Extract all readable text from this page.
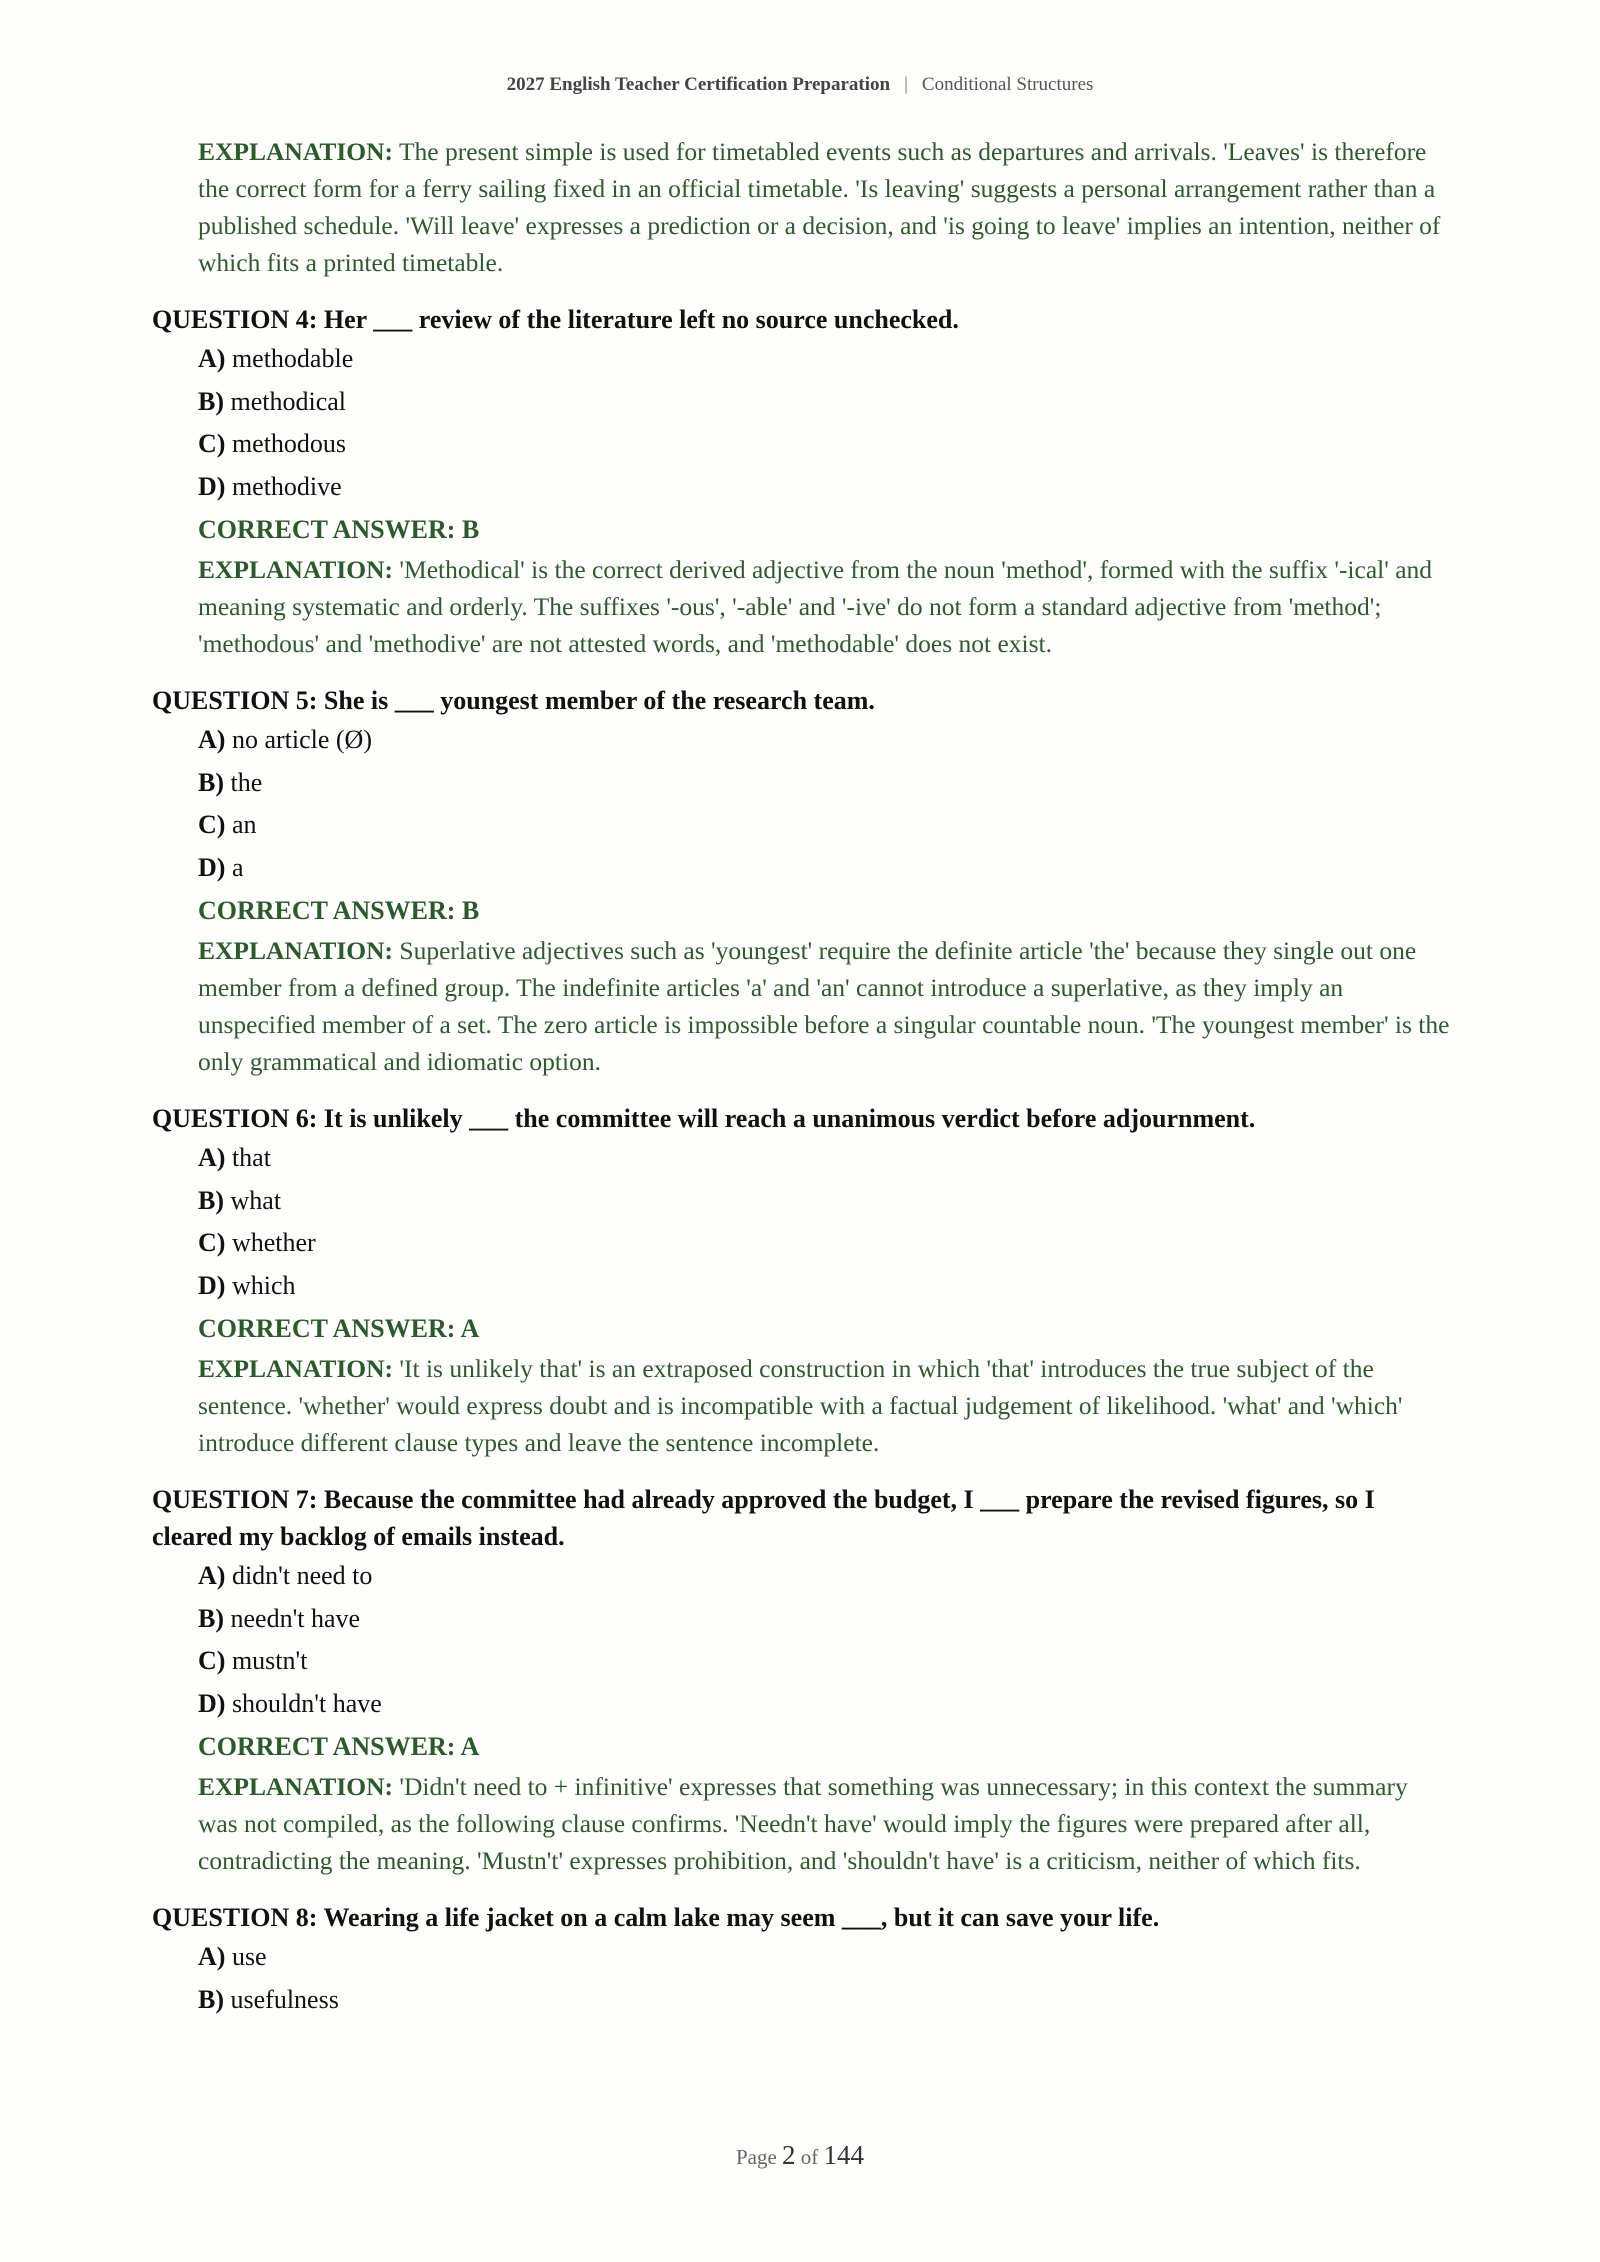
2027 English Teacher Certification Preparation | Conditional Structures
EXPLANATION: The present simple is used for timetabled events such as departures and arrivals. 'Leaves' is therefore the correct form for a ferry sailing fixed in an official timetable. 'Is leaving' suggests a personal arrangement rather than a published schedule. 'Will leave' expresses a prediction or a decision, and 'is going to leave' implies an intention, neither of which fits a printed timetable.
QUESTION 4: Her ___ review of the literature left no source unchecked.
A) methodable
B) methodical
C) methodous
D) methodive
CORRECT ANSWER: B
EXPLANATION: 'Methodical' is the correct derived adjective from the noun 'method', formed with the suffix '-ical' and meaning systematic and orderly. The suffixes '-ous', '-able' and '-ive' do not form a standard adjective from 'method'; 'methodous' and 'methodive' are not attested words, and 'methodable' does not exist.
QUESTION 5: She is ___ youngest member of the research team.
A) no article (Ø)
B) the
C) an
D) a
CORRECT ANSWER: B
EXPLANATION: Superlative adjectives such as 'youngest' require the definite article 'the' because they single out one member from a defined group. The indefinite articles 'a' and 'an' cannot introduce a superlative, as they imply an unspecified member of a set. The zero article is impossible before a singular countable noun. 'The youngest member' is the only grammatical and idiomatic option.
QUESTION 6: It is unlikely ___ the committee will reach a unanimous verdict before adjournment.
A) that
B) what
C) whether
D) which
CORRECT ANSWER: A
EXPLANATION: 'It is unlikely that' is an extraposed construction in which 'that' introduces the true subject of the sentence. 'whether' would express doubt and is incompatible with a factual judgement of likelihood. 'what' and 'which' introduce different clause types and leave the sentence incomplete.
QUESTION 7: Because the committee had already approved the budget, I ___ prepare the revised figures, so I cleared my backlog of emails instead.
A) didn't need to
B) needn't have
C) mustn't
D) shouldn't have
CORRECT ANSWER: A
EXPLANATION: 'Didn't need to + infinitive' expresses that something was unnecessary; in this context the summary was not compiled, as the following clause confirms. 'Needn't have' would imply the figures were prepared after all, contradicting the meaning. 'Mustn't' expresses prohibition, and 'shouldn't have' is a criticism, neither of which fits.
QUESTION 8: Wearing a life jacket on a calm lake may seem ___, but it can save your life.
A) use
B) usefulness
Page 2 of 144
